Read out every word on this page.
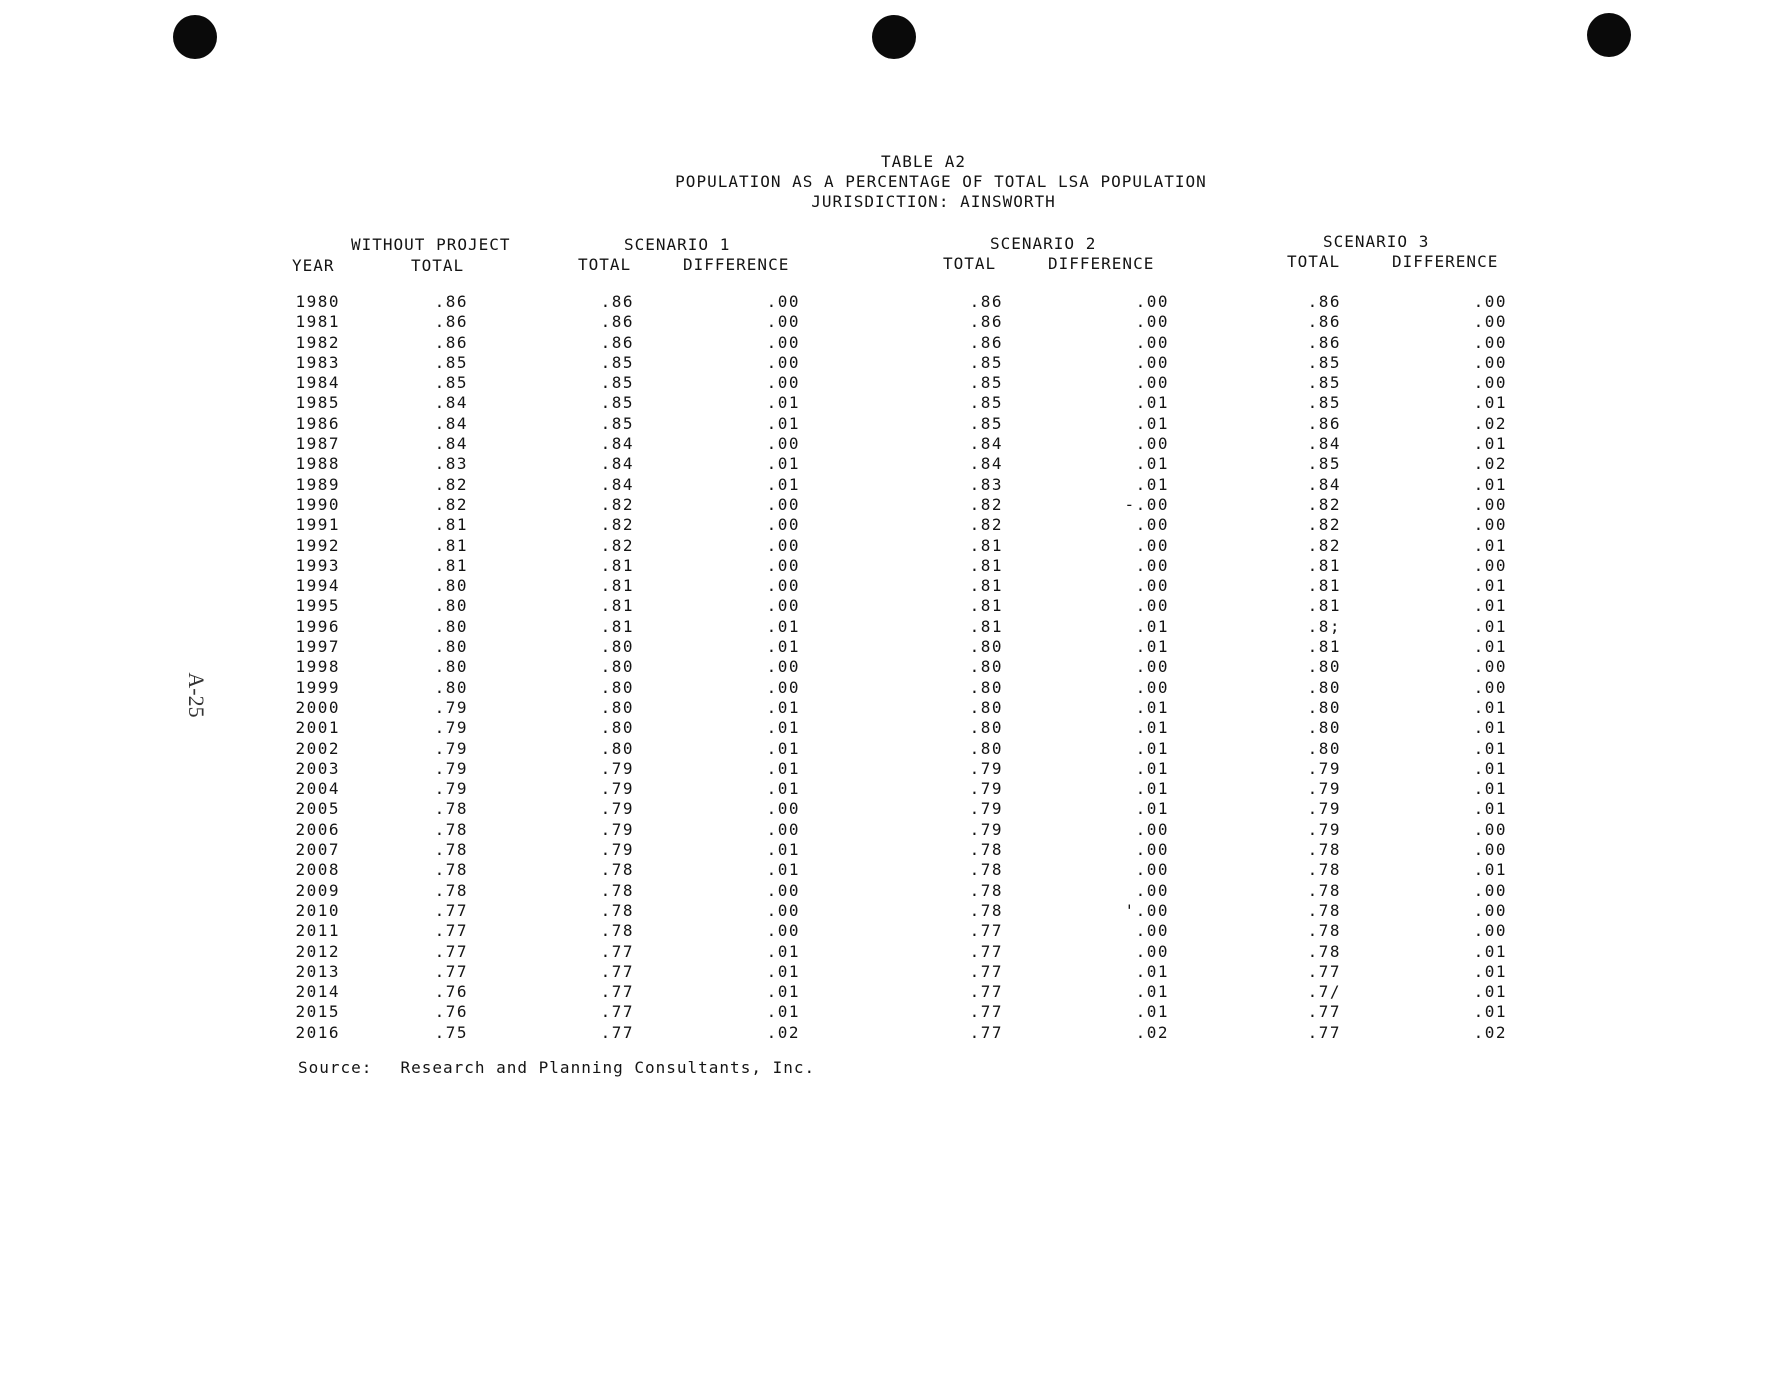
A-25
TABLE A2
POPULATION AS A PERCENTAGE OF TOTAL LSA POPULATION
JURISDICTION: AINSWORTH
WITHOUT PROJECT	SCENARIO 1	SCENARIO 2	SCENARIO 3
YEAR	TOTAL	TOTAL	DIFFERENCE	TOTAL	DIFFERENCE	TOTAL	DIFFERENCE
1980	.86	.86	.00	.86	.00	.86	.00
1981	.86	.86	.00	.86	.00	.86	.00
1982	.86	.86	.00	.86	.00	.86	.00
1983	.85	.85	.00	.85	.00	.85	.00
1984	.85	.85	.00	.85	.00	.85	.00
1985	.84	.85	.01	.85	.01	.85	.01
1986	.84	.85	.01	.85	.01	.86	.02
1987	.84	.84	.00	.84	.00	.84	.01
1988	.83	.84	.01	.84	.01	.85	.02
1989	.82	.84	.01	.83	.01	.84	.01
1990	.82	.82	.00	.82	-.00	.82	.00
1991	.81	.82	.00	.82	.00	.82	.00
1992	.81	.82	.00	.81	.00	.82	.01
1993	.81	.81	.00	.81	.00	.81	.00
1994	.80	.81	.00	.81	.00	.81	.01
1995	.80	.81	.00	.81	.00	.81	.01
1996	.80	.81	.01	.81	.01	.8;	.01
1997	.80	.80	.01	.80	.01	.81	.01
1998	.80	.80	.00	.80	.00	.80	.00
1999	.80	.80	.00	.80	.00	.80	.00
2000	.79	.80	.01	.80	.01	.80	.01
2001	.79	.80	.01	.80	.01	.80	.01
2002	.79	.80	.01	.80	.01	.80	.01
2003	.79	.79	.01	.79	.01	.79	.01
2004	.79	.79	.01	.79	.01	.79	.01
2005	.78	.79	.00	.79	.01	.79	.01
2006	.78	.79	.00	.79	.00	.79	.00
2007	.78	.79	.01	.78	.00	.78	.00
2008	.78	.78	.01	.78	.00	.78	.01
2009	.78	.78	.00	.78	.00	.78	.00
2010	.77	.78	.00	.78	'.00	.78	.00
2011	.77	.78	.00	.77	.00	.78	.00
2012	.77	.77	.01	.77	.00	.78	.01
2013	.77	.77	.01	.77	.01	.77	.01
2014	.76	.77	.01	.77	.01	.7/	.01
2015	.76	.77	.01	.77	.01	.77	.01
2016	.75	.77	.02	.77	.02	.77	.02
Source: Research and Planning Consultants, Inc.
